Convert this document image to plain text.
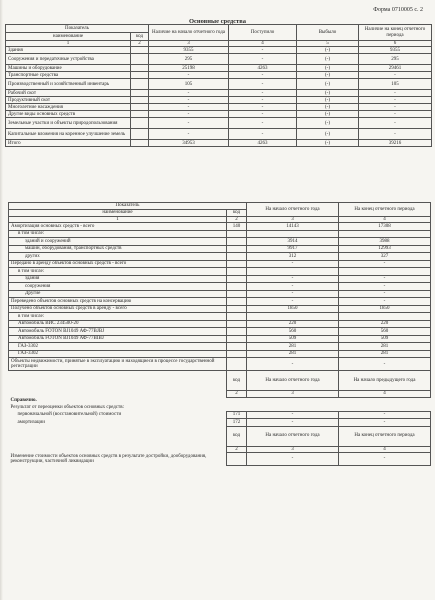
Форма 0710005 с. 2
Основные средства
Показатель		Наличие на начало отчетного года	Поступило	Выбыло	Наличие на конец отчетного периода
наименование	код				
1	2	3	4	5	6
Здания		9355	-	(-)	9355
Сооружения и передаточные устройства		295	-	(-)	295
Машины и оборудование		25198	4263	(-)	29461
Транспортные средства		-	-	(-)	-
Производственный и хозяйственный инвентарь		105	-	(-)	105
Рабочий скот		-	-	(-)	-
Продуктивный скот		-	-	(-)	-
Многолетние насаждения		-	-	(-)	-
Другие виды основных средств		-	-	(-)	-
Земельные участки и объекты природопользования		-	-	(-)	-
Капитальные вложения на коренное улучшение земель		-	-	(-)	-
Итого		34953	4263	(-)	39216
Показатель		На начало отчетного года	На конец отчетного периода
наименование	код		
1	2	3	4
Амортизация основных средств - всего	140	14143	17308
в том числе:			
зданий и сооружений		3914	3988
машин, оборудования, транспортных средств		9917	12993
других		312	327
Передано в аренду объектов основных средств - всего		-	-
в том числе:			
здания		-	-
сооружения		-	-
Другие		-	-
Переведено объектов основных средств на консервацию		-	-
Получено объектов основных средств в аренду - всего		1850	1850
в том числе:			
Автомобиль ВИС 234500-20		220	220
Автомобиль FOTON BJ1049 АФ-77ВЈВЈ		560	560
Автомобиль FOTON BJ1049 АФ-77BIBJ		509	509
ГАЗ-3302		281	281
ГАЗ-3302		281	281
Объекты недвижимости, принятые в эксплуатацию и находящиеся в процессе государственной регистрации		-	-
	код	На начало отчетного года	На начало предыдущего года
	2	3	4
Справочно.			
Результат от переоценки объектов основных средств:			
первоначальной (восстановительной) стоимости	171	-	-
амортизации	172	-	-
	код	На начало отчетного года	На конец отчетного периода
	2	3	4
Изменение стоимости объектов основных средств в результате достройки, дооборудования, реконструкции, частичной ликвидации		-	-
